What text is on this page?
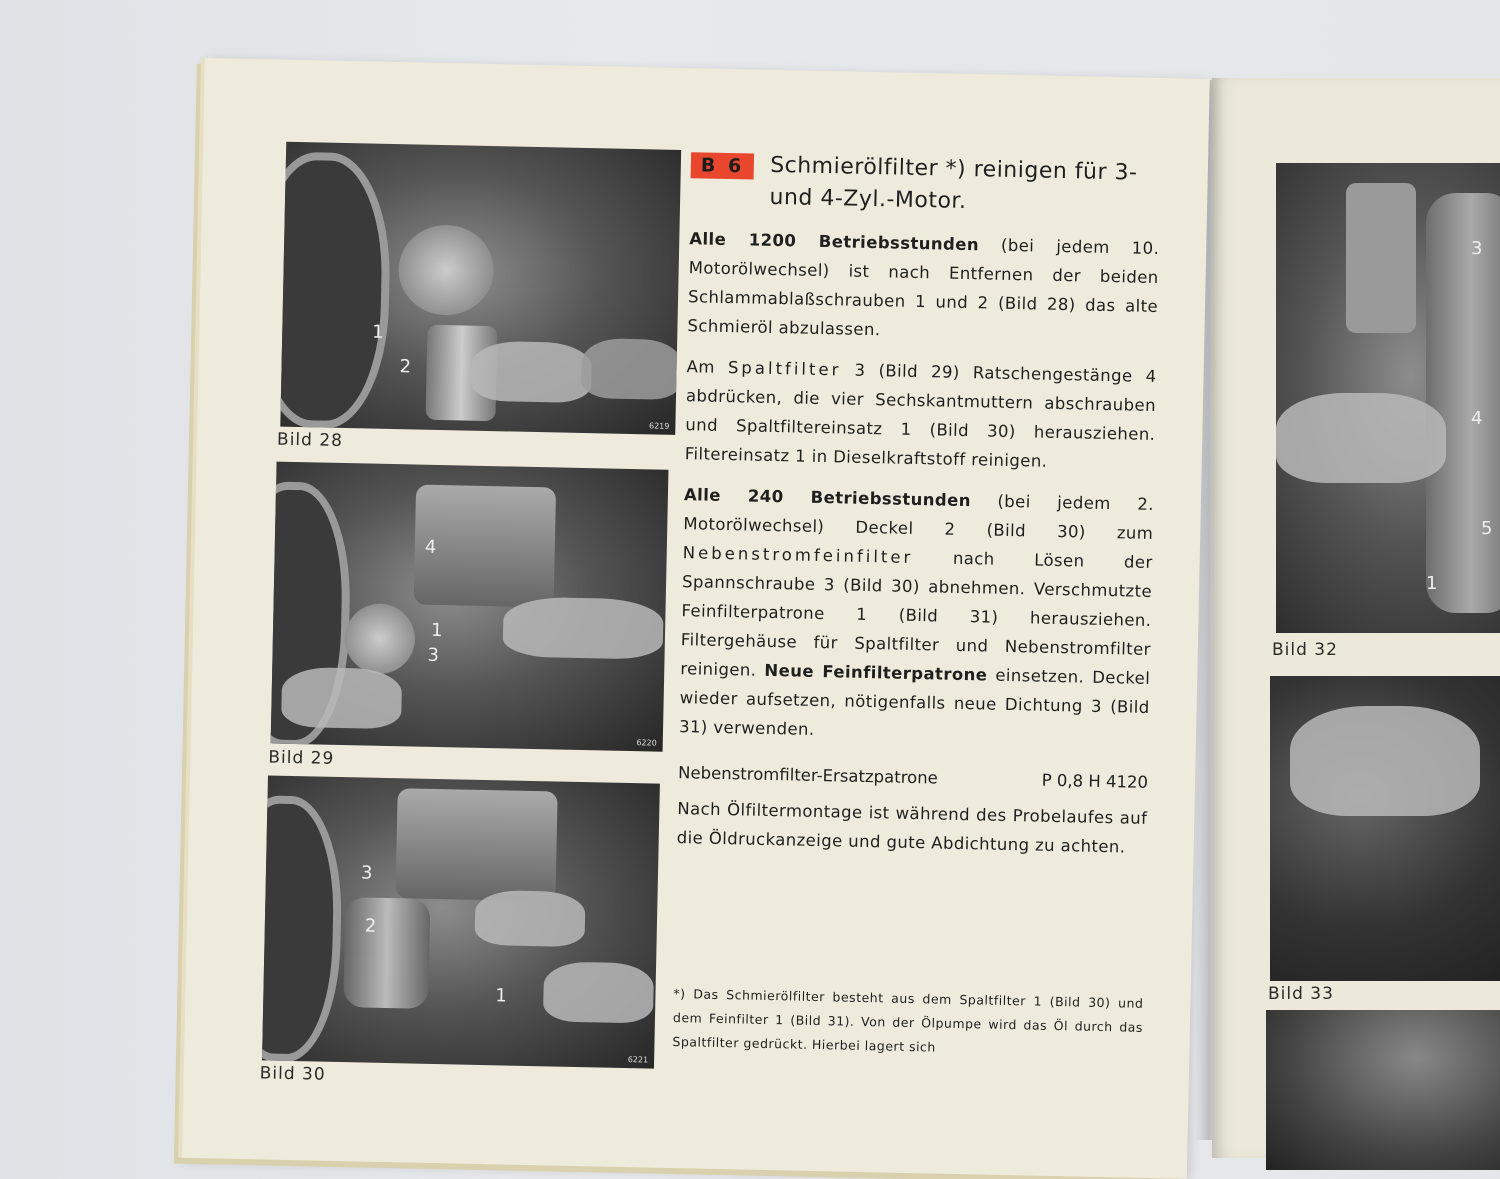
3
4
5
1
Bild 32
Bild 33
1
2
6219
Bild 28
4
1
3
6220
Bild 29
3
2
1
6221
Bild 30
B 6	Schmierölfilter *) reinigen für 3- und 4-Zyl.-Motor.

Alle 1200 Betriebsstunden (bei jedem 10. Motorölwechsel) ist nach Entfernen der beiden Schlammablaßschrauben 1 und 2 (Bild 28) das alte Schmieröl abzulassen.

Am Spaltfilter 3 (Bild 29) Ratschengestänge 4 abdrücken, die vier Sechskantmuttern abschrauben und Spaltfiltereinsatz 1 (Bild 30) herausziehen. Filtereinsatz 1 in Dieselkraftstoff reinigen.

Alle 240 Betriebsstunden (bei jedem 2. Motorölwechsel) Deckel 2 (Bild 30) zum Nebenstromfeinfilter nach Lösen der Spannschraube 3 (Bild 30) abnehmen. Verschmutzte Feinfilterpatrone 1 (Bild 31) herausziehen. Filtergehäuse für Spaltfilter und Nebenstromfilter reinigen. Neue Feinfilterpatrone einsetzen. Deckel wieder aufsetzen, nötigenfalls neue Dichtung 3 (Bild 31) verwenden.

Nebenstromfilter-Ersatzpatrone	P 0,8 H 4120

Nach Ölfiltermontage ist während des Probelaufes auf die Öldruckanzeige und gute Abdichtung zu achten.

*) Das Schmierölfilter besteht aus dem Spaltfilter 1 (Bild 30) und dem Feinfilter 1 (Bild 31). Von der Ölpumpe wird das Öl durch das Spaltfilter gedrückt. Hierbei lagert sich
